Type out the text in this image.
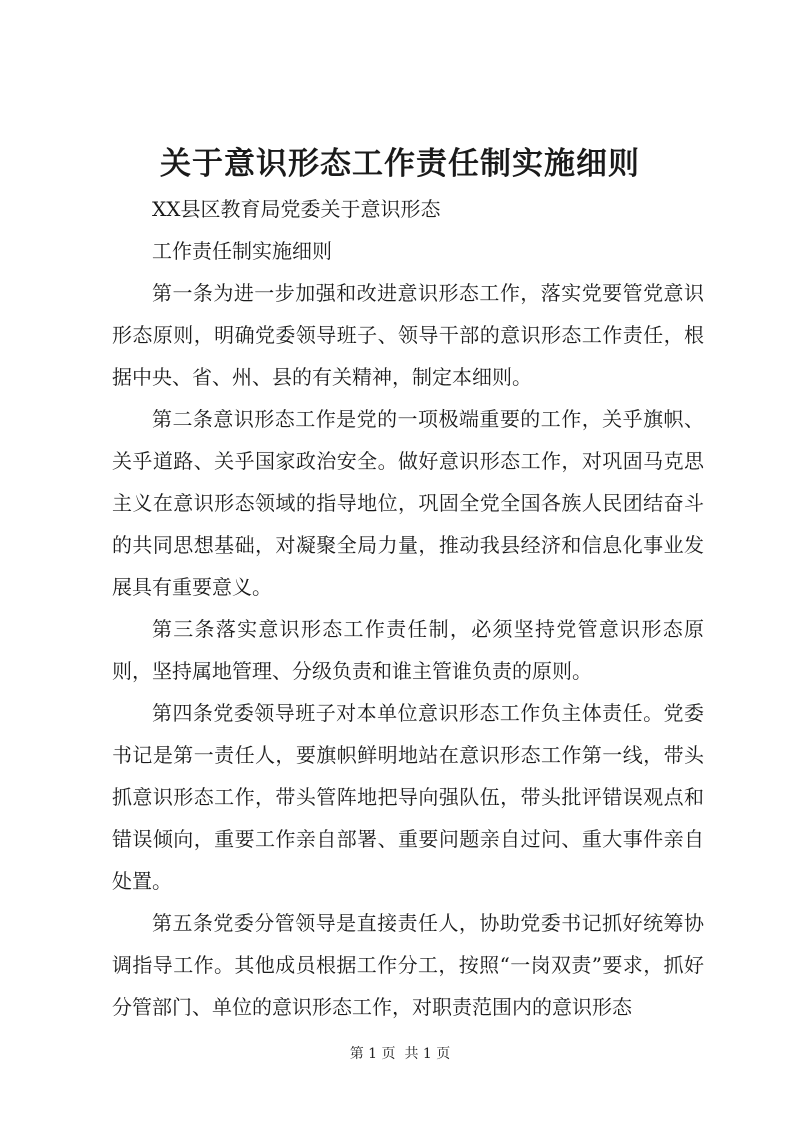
关于意识形态工作责任制实施细则

XX县区教育局党委关于意识形态

工作责任制实施细则

第一条为进一步加强和改进意识形态工作，落实党要管党意识形态原则，明确党委领导班子、领导干部的意识形态工作责任，根据中央、省、州、县的有关精神，制定本细则。

第二条意识形态工作是党的一项极端重要的工作，关乎旗帜、关乎道路、关乎国家政治安全。做好意识形态工作，对巩固马克思主义在意识形态领域的指导地位，巩固全党全国各族人民团结奋斗的共同思想基础，对凝聚全局力量，推动我县经济和信息化事业发展具有重要意义。

第三条落实意识形态工作责任制，必须坚持党管意识形态原则，坚持属地管理、分级负责和谁主管谁负责的原则。

第四条党委领导班子对本单位意识形态工作负主体责任。党委书记是第一责任人，要旗帜鲜明地站在意识形态工作第一线，带头抓意识形态工作，带头管阵地把导向强队伍，带头批评错误观点和错误倾向，重要工作亲自部署、重要问题亲自过问、重大事件亲自处置。

第五条党委分管领导是直接责任人，协助党委书记抓好统筹协调指导工作。其他成员根据工作分工，按照“一岗双责”要求，抓好分管部门、单位的意识形态工作，对职责范围内的意识形态

第 1 页  共 1 页
